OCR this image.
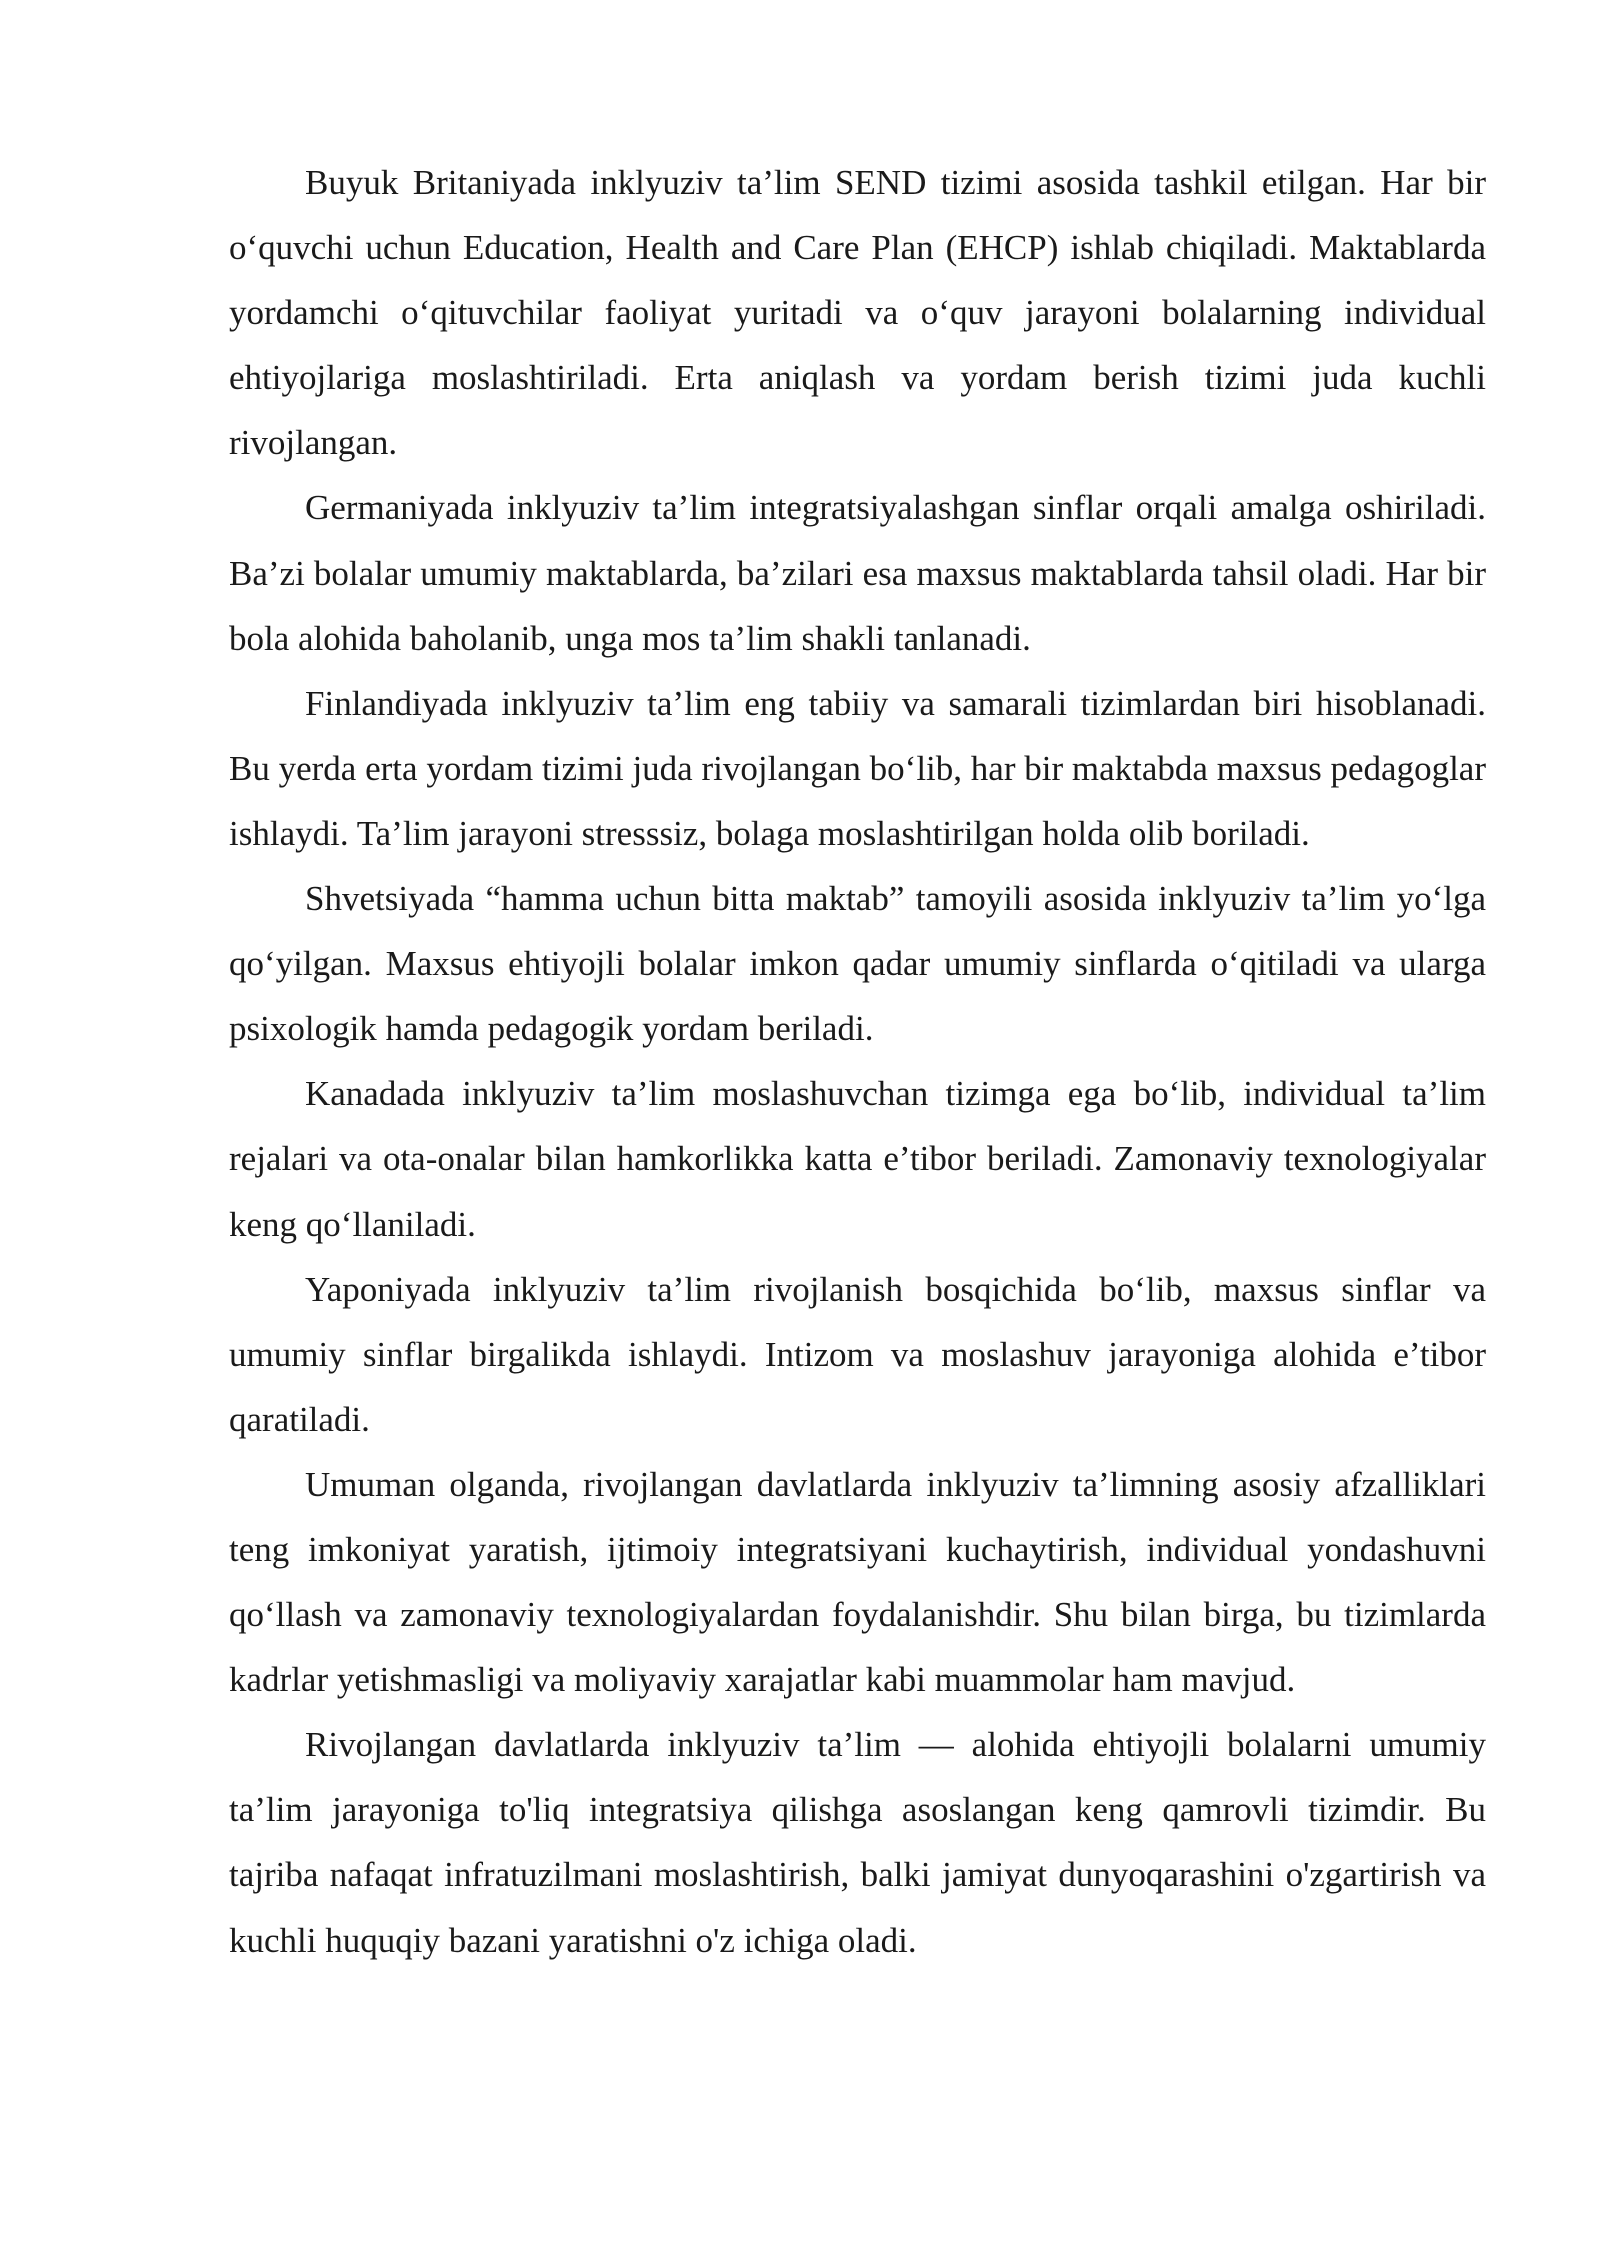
Buyuk Britaniyada inklyuziv ta’lim SEND tizimi asosida tashkil etilgan. Har bir o‘quvchi uchun Education, Health and Care Plan (EHCP) ishlab chiqiladi. Maktablarda yordamchi o‘qituvchilar faoliyat yuritadi va o‘quv jarayoni bolalarning individual ehtiyojlariga moslashtiriladi. Erta aniqlash va yordam berish tizimi juda kuchli rivojlangan.

Germaniyada inklyuziv ta’lim integratsiyalashgan sinflar orqali amalga oshiriladi. Ba’zi bolalar umumiy maktablarda, ba’zilari esa maxsus maktablarda tahsil oladi. Har bir bola alohida baholanib, unga mos ta’lim shakli tanlanadi.

Finlandiyada inklyuziv ta’lim eng tabiiy va samarali tizimlardan biri hisoblanadi. Bu yerda erta yordam tizimi juda rivojlangan bo‘lib, har bir maktabda maxsus pedagoglar ishlaydi. Ta’lim jarayoni stresssiz, bolaga moslashtirilgan holda olib boriladi.

Shvetsiyada “hamma uchun bitta maktab” tamoyili asosida inklyuziv ta’lim yo‘lga qo‘yilgan. Maxsus ehtiyojli bolalar imkon qadar umumiy sinflarda o‘qitiladi va ularga psixologik hamda pedagogik yordam beriladi.

Kanadada inklyuziv ta’lim moslashuvchan tizimga ega bo‘lib, individual ta’lim rejalari va ota-onalar bilan hamkorlikka katta e’tibor beriladi. Zamonaviy texnologiyalar keng qo‘llaniladi.

Yaponiyada inklyuziv ta’lim rivojlanish bosqichida bo‘lib, maxsus sinflar va umumiy sinflar birgalikda ishlaydi. Intizom va moslashuv jarayoniga alohida e’tibor qaratiladi.

Umuman olganda, rivojlangan davlatlarda inklyuziv ta’limning asosiy afzalliklari teng imkoniyat yaratish, ijtimoiy integratsiyani kuchaytirish, individual yondashuvni qo‘llash va zamonaviy texnologiyalardan foydalanishdir. Shu bilan birga, bu tizimlarda kadrlar yetishmasligi va moliyaviy xarajatlar kabi muammolar ham mavjud.

Rivojlangan davlatlarda inklyuziv ta’lim — alohida ehtiyojli bolalarni umumiy ta’lim jarayoniga to'liq integratsiya qilishga asoslangan keng qamrovli tizimdir. Bu tajriba nafaqat infratuzilmani moslashtirish, balki jamiyat dunyoqarashini o'zgartirish va kuchli huquqiy bazani yaratishni o'z ichiga oladi.
